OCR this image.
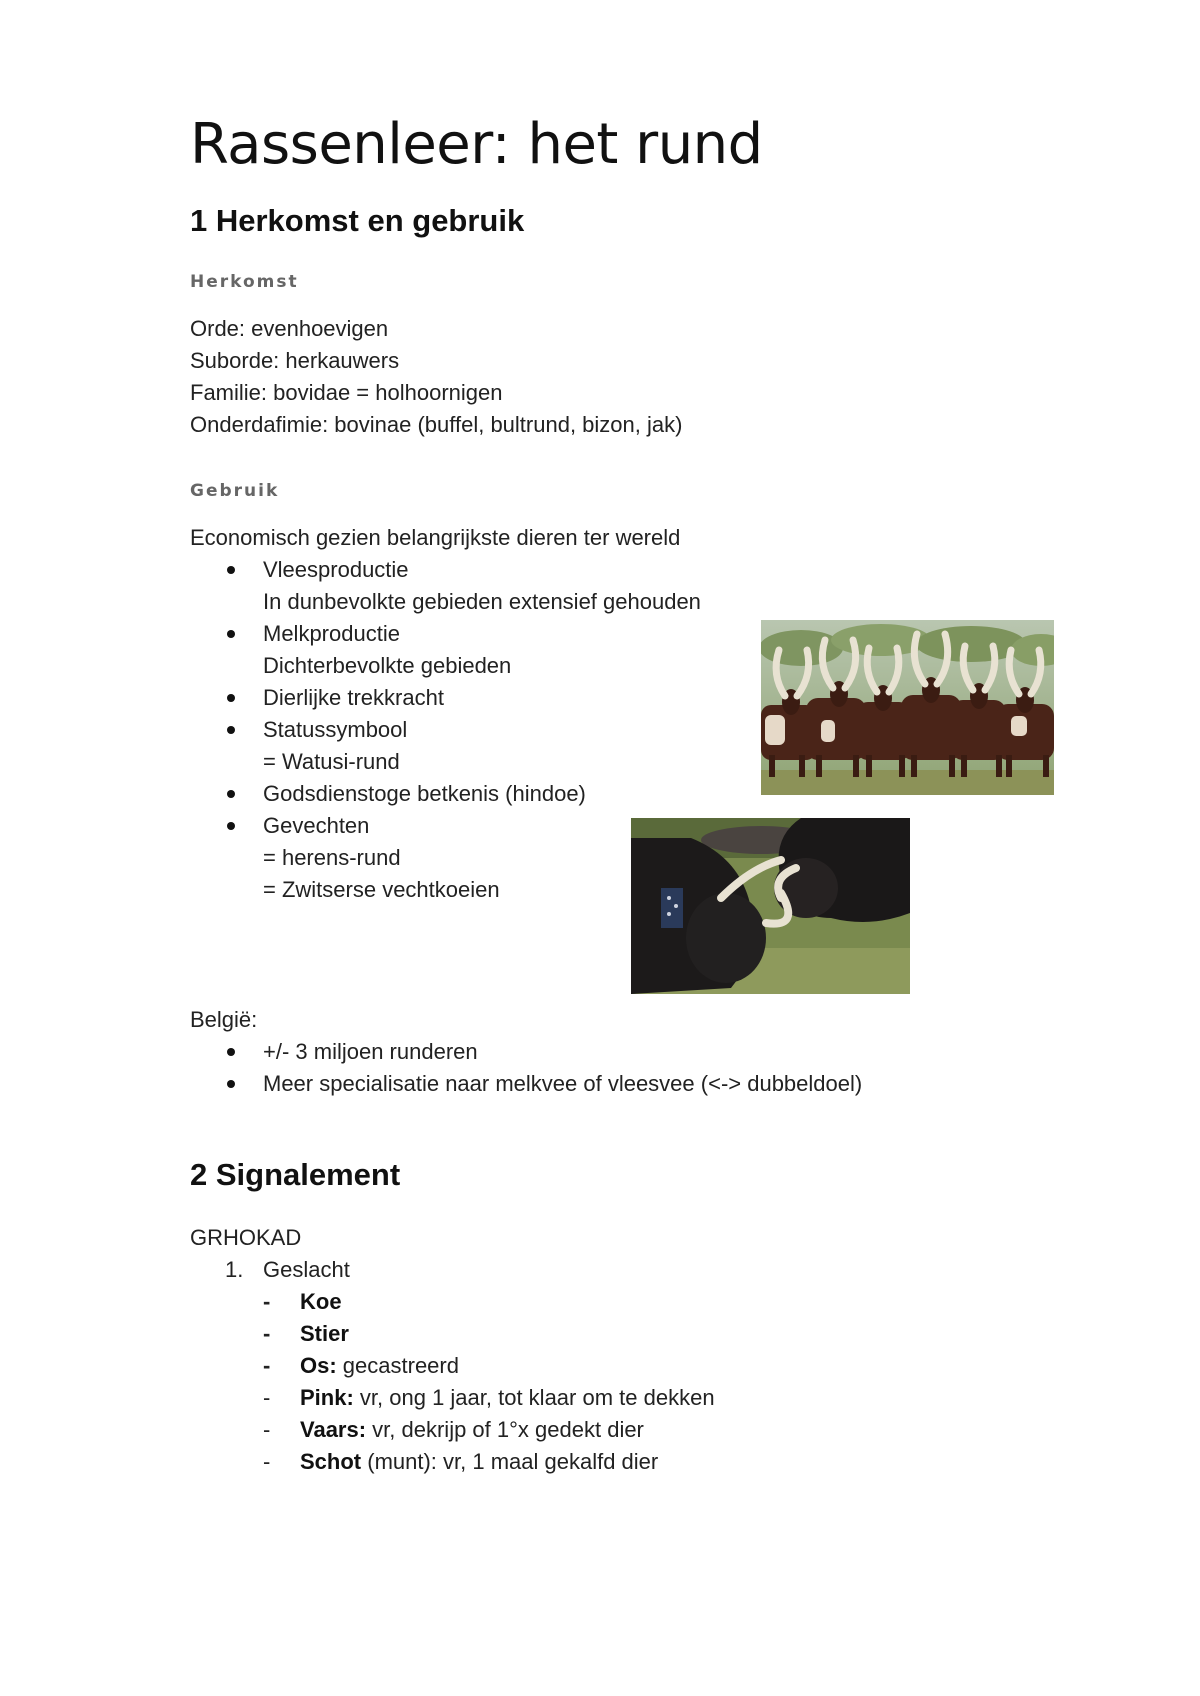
Rassenleer: het rund
1 Herkomst en gebruik
Herkomst

Orde: evenhoevigen

Suborde: herkauwers

Familie: bovidae = holhoornigen

Onderdafimie: bovinae (buffel, bultrund, bizon, jak)

Gebruik

Economisch gezien belangrijkste dieren ter wereld

Vleesproductie
In dunbevolkte gebieden extensief gehouden
Melkproductie
Dichterbevolkte gebieden
Dierlijke trekkracht
Statussymbool
= Watusi-rund
Godsdienstoge betkenis (hindoe)
Gevechten
= herens-rund
= Zwitserse vechtkoeien

België:

+/- 3 miljoen runderen
Meer specialisatie naar melkvee of vleesvee (<-> dubbeldoel)
2 Signalement

GRHOKAD

1. Geslacht
- Koe
- Stier
- Os: gecastreerd
- Pink: vr, ong 1 jaar, tot klaar om te dekken
- Vaars: vr, dekrijp of 1°x gedekt dier
- Schot (munt): vr, 1 maal gekalfd dier
